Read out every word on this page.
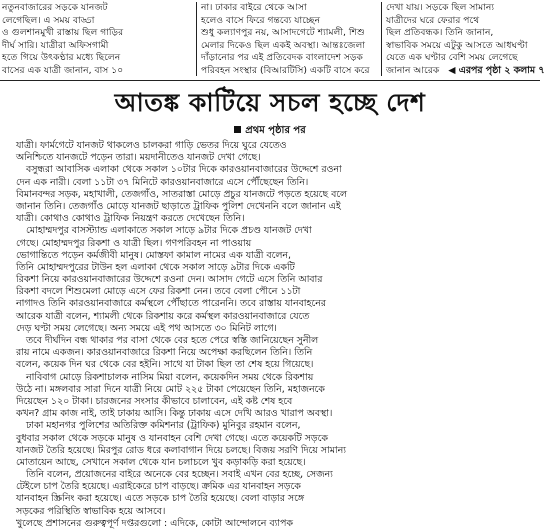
নতুনবাজারের সড়কে যানজট
লেগেছিল। এ সময় বাড্ডা
ও গুলশানমুখী রাস্তায় ছিল গাড়ির
দীর্ঘ সারি। যাত্রীরা অফিসগামী
হতে গিয়ে উৎকণ্ঠার মধ্যে ছিলেন
বাসের এক যাত্রী জানান, বাস ১০
না। ঢাকার বাইরে থেকে আসা
হলেও বাসে ফিরে গন্তব্যে যাচ্ছেন
শুধু কল্যাণপুর নয়, আসাদগেটে শ্যামলী, শিশু
মেলার দিকেও ছিল একই অবস্থা। আন্তঃজেলা
দাঁড়ানোর পর এই প্রতিবেদক বাংলাদেশ সড়ক
পরিবহন সংস্থার (বিআরটিসি) একটি বাসে করে
দেখা যায়। সড়কে ছিল সামান্য
যাত্রীদের ঘরে ফেরার পথে
ছিল প্রতিবন্ধক। তিনি জানান,
স্বাভাবিক সময়ে এটুকু আসতে আধঘণ্টা
যেতে এক ঘণ্টার বেশি সময় লেগেছে
জানান আরেক ◀ এরপর পৃষ্ঠা ২ কলাম ৭
আতঙ্ক কাটিয়ে সচল হচ্ছে দেশ
প্রথম পৃষ্ঠার পর
যাত্রী। ফার্মগেটে যানজট থাকলেও চালকরা গাড়ি ভেতর দিয়ে ঘুরে যেতেও
অনিশ্চিতে যানজটে পড়েন তারা। ময়দানীতেও যানজট দেখা গেছে।
বসুন্ধরা আবাসিক এলাকা থেকে সকাল ১০টার দিকে কারওয়ানবাজারের উদ্দেশে রওনা
দেন এক নারী। বেলা ১১টা ৩৭ মিনিটে কারওয়ানবাজারে এসে পৌঁছেছেন তিনি।
বিমানবন্দর সড়ক, মহাখালী, তেজগাঁও, সাতরাস্তা মোড়ে প্রচুর যানজটে পড়তে হয়েছে বলে
জানান তিনি। তেজগাঁও মোড়ে যানজট ছাড়াতে ট্রাফিক পুলিশ দেখেননি বলে জানান এই
যাত্রী। কোথাও কোথাও ট্রাফিক নিয়ন্ত্রণ করতে দেখেছেন তিনি।
মোহাম্মদপুর বাসস্ট্যান্ড এলাকাতে সকাল সাড়ে ৯টার দিকে প্রচণ্ড যানজট দেখা
গেছে। মোহাম্মদপুর রিকশা ও যাত্রী ছিল। গণপরিবহন না পাওয়ায়
ভোগান্তিতে পড়েন কর্মজীবী মানুষ। মোস্তফা কামাল নামের এক যাত্রী বলেন,
তিনি মোহাম্মদপুরের টাউন হল এলাকা থেকে সকাল সাড়ে ৯টার দিকে একটি
রিকশা নিয়ে কারওয়ানবাজারের উদ্দেশে রওনা দেন। আসাদ গেটে এসে তিনি আবার
রিকশা বদলে শিশুমেলা মোড়ে এসে ফের রিকশা নেন। তবে বেলা পৌনে ১১টা
নাগাদও তিনি কারওয়ানবাজারে কর্মস্থলে পৌঁছাতে পারেননি। তবে রাস্তায় যানবাহনের
আরেক যাত্রী বলেন, শ্যামলী থেকে রিকশায় করে কর্মস্থল কারওয়ানবাজারে যেতে
দেড় ঘণ্টা সময় লেগেছে। অন্য সময়ে এই পথ আসতে ৩০ মিনিট লাগে।
তবে দীর্ঘদিন বন্ধ থাকার পর বাসা থেকে বের হতে পেরে স্বস্তি জানিয়েছেন সুনীল
রায় নামে একজন। কারওয়ানবাজারে রিকশা নিয়ে অপেক্ষা করছিলেন তিনি। তিনি
বলেন, কয়েক দিন ঘর থেকে বের হইনি। সাথে যা টাকা ছিল তা শেষ হয়ে গিয়েছে।
নাবিবাগ মোড়ে রিকশাচালক নাসিম মিয়া বলেন, কয়েকদিন সময় থেকে রিকশায়
উঠে না। মঙ্গলবার সারা দিনে যাত্রী নিয়ে মোট ২২৫ টাকা পেয়েছেন তিনি, মহাজনকে
দিয়েছেন ১২০ টাকা। চারজনের সংসার কীভাবে চালাবেন, এই কষ্ট শেষ হবে
কখন? গ্রাম কাজ নাই, তাই ঢাকায় আসি। কিন্তু ঢাকায় এসে দেখি আরও খারাপ অবস্থা।
ঢাকা মহানগর পুলিশের অতিরিক্ত কমিশনার (ট্রাফিক) মুনিবুর রহমান বলেন,
বুধবার সকাল থেকে সড়কে মানুষ ও যানবাহন বেশি দেখা গেছে। এতে কয়েকটি সড়কে
যানজট তৈরি হয়েছে। মিরপুর রোড ধরে কলাবাগান দিয়ে চলছে। বিজয় সরণি দিয়ে সামান্য
মোতায়েন আছে, সেখানে সকাল থেকে যান চলাচলে খুব কড়াকড়ি করা হয়েছে।
তিনি বলেন, প্রয়োজনের বাইরে অনেকে বের হচ্ছেন। সবাই এখন বের হচ্ছে, সেজন্য
টেইলে চাপ তৈরি হয়েছে। এরাইকেরে চাপ বাড়ছে। ক্রমিক এর যানবাহন সড়কে
যানবাহন স্ক্রিনিং করা হয়েছে। এতে সড়কে চাপ তৈরি হয়েছে। বেলা বাড়ার সঙ্গে
সড়কের পরিস্থিতি স্বাভাবিক হয়ে আসবে।
খুলেছে প্রশাসনের গুরুত্বপূর্ণ দপ্তরগুলো : এদিকে, কোটা আন্দোলনে ব্যাপক
